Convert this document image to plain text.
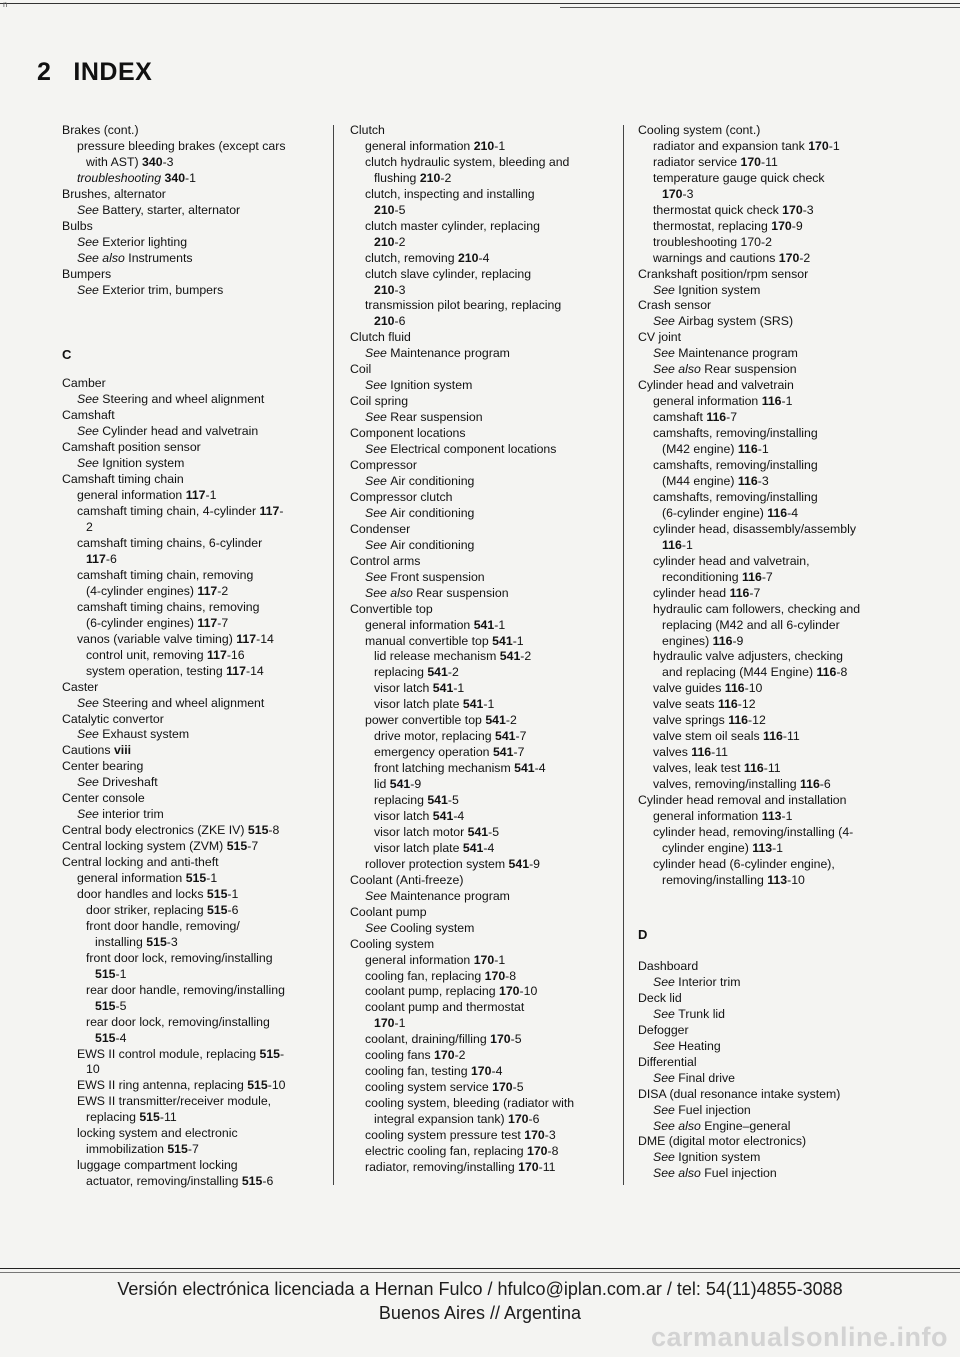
n
2 INDEX
Brakes (cont.)
pressure bleeding brakes (except cars
with AST) 340-3
troubleshooting 340-1
Brushes, alternator
See Battery, starter, alternator
Bulbs
See Exterior lighting
See also Instruments
Bumpers
See Exterior trim, bumpers
C
Camber
See Steering and wheel alignment
Camshaft
See Cylinder head and valvetrain
Camshaft position sensor
See Ignition system
Camshaft timing chain
general information 117-1
camshaft timing chain, 4-cylinder 117-
2
camshaft timing chains, 6-cylinder
117-6
camshaft timing chain, removing
(4-cylinder engines) 117-2
camshaft timing chains, removing
(6-cylinder engines) 117-7
vanos (variable valve timing) 117-14
control unit, removing 117-16
system operation, testing 117-14
Caster
See Steering and wheel alignment
Catalytic convertor
See Exhaust system
Cautions viii
Center bearing
See Driveshaft
Center console
See interior trim
Central body electronics (ZKE IV) 515-8
Central locking system (ZVM) 515-7
Central locking and anti-theft
general information 515-1
door handles and locks 515-1
door striker, replacing 515-6
front door handle, removing/
installing 515-3
front door lock, removing/installing
515-1
rear door handle, removing/installing
515-5
rear door lock, removing/installing
515-4
EWS II control module, replacing 515-
10
EWS II ring antenna, replacing 515-10
EWS II transmitter/receiver module,
replacing 515-11
locking system and electronic
immobilization 515-7
luggage compartment locking
actuator, removing/installing 515-6
Clutch
general information 210-1
clutch hydraulic system, bleeding and
flushing 210-2
clutch, inspecting and installing
210-5
clutch master cylinder, replacing
210-2
clutch, removing 210-4
clutch slave cylinder, replacing
210-3
transmission pilot bearing, replacing
210-6
Clutch fluid
See Maintenance program
Coil
See Ignition system
Coil spring
See Rear suspension
Component locations
See Electrical component locations
Compressor
See Air conditioning
Compressor clutch
See Air conditioning
Condenser
See Air conditioning
Control arms
See Front suspension
See also Rear suspension
Convertible top
general information 541-1
manual convertible top 541-1
lid release mechanism 541-2
replacing 541-2
visor latch 541-1
visor latch plate 541-1
power convertible top 541-2
drive motor, replacing 541-7
emergency operation 541-7
front latching mechanism 541-4
lid 541-9
replacing 541-5
visor latch 541-4
visor latch motor 541-5
visor latch plate 541-4
rollover protection system 541-9
Coolant (Anti-freeze)
See Maintenance program
Coolant pump
See Cooling system
Cooling system
general information 170-1
cooling fan, replacing 170-8
coolant pump, replacing 170-10
coolant pump and thermostat
170-1
coolant, draining/filling 170-5
cooling fans 170-2
cooling fan, testing 170-4
cooling system service 170-5
cooling system, bleeding (radiator with
integral expansion tank) 170-6
cooling system pressure test 170-3
electric cooling fan, replacing 170-8
radiator, removing/installing 170-11
Cooling system (cont.)
radiator and expansion tank 170-1
radiator service 170-11
temperature gauge quick check
170-3
thermostat quick check 170-3
thermostat, replacing 170-9
troubleshooting 170-2
warnings and cautions 170-2
Crankshaft position/rpm sensor
See Ignition system
Crash sensor
See Airbag system (SRS)
CV joint
See Maintenance program
See also Rear suspension
Cylinder head and valvetrain
general information 116-1
camshaft 116-7
camshafts, removing/installing
(M42 engine) 116-1
camshafts, removing/installing
(M44 engine) 116-3
camshafts, removing/installing
(6-cylinder engine) 116-4
cylinder head, disassembly/assembly
116-1
cylinder head and valvetrain,
reconditioning 116-7
cylinder head 116-7
hydraulic cam followers, checking and
replacing (M42 and all 6-cylinder
engines) 116-9
hydraulic valve adjusters, checking
and replacing (M44 Engine) 116-8
valve guides 116-10
valve seats 116-12
valve springs 116-12
valve stem oil seals 116-11
valves 116-11
valves, leak test 116-11
valves, removing/installing 116-6
Cylinder head removal and installation
general information 113-1
cylinder head, removing/installing (4-
cylinder engine) 113-1
cylinder head (6-cylinder engine),
removing/installing 113-10
D
Dashboard
See Interior trim
Deck lid
See Trunk lid
Defogger
See Heating
Differential
See Final drive
DISA (dual resonance intake system)
See Fuel injection
See also Engine–general
DME (digital motor electronics)
See Ignition system
See also Fuel injection
Versión electrónica licenciada a Hernan Fulco / hfulco@iplan.com.ar / tel: 54(11)4855-3088
Buenos Aires // Argentina
carmanualsonline.info
